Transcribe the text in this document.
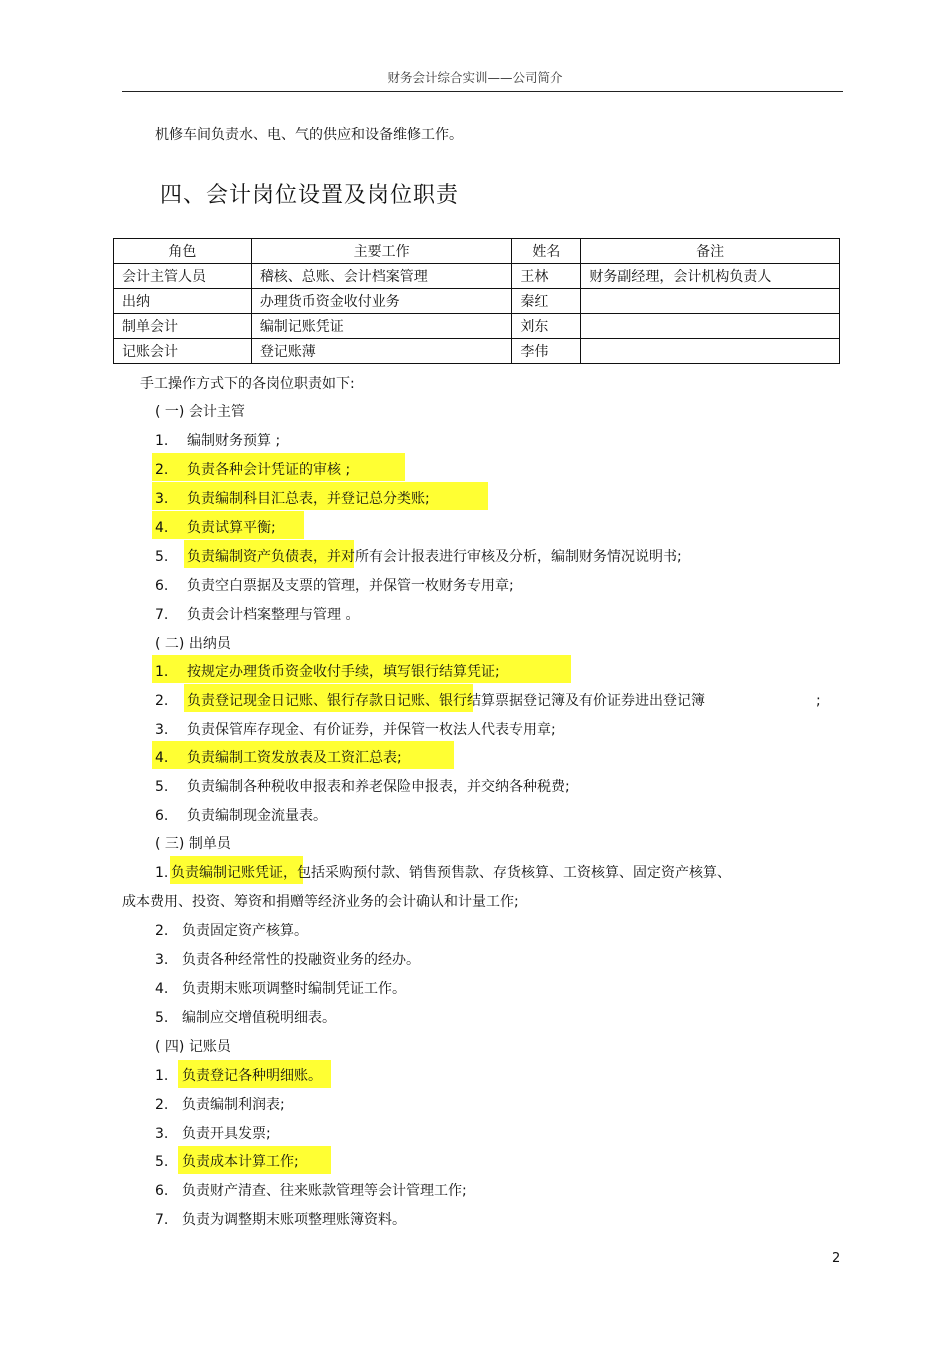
财务会计综合实训——公司简介
机修车间负责水、电、气的供应和设备维修工作。
四、会计岗位设置及岗位职责
角色	主要工作	姓名	备注
会计主管人员	稽核、总账、会计档案管理	王林	财务副经理，会计机构负责人
出纳	办理货币资金收付业务	秦红	
制单会计	编制记账凭证	刘东	
记账会计	登记账薄	李伟	
手工操作方式下的各岗位职责如下:
( 一) 会计主管
1. 编制财务预算 ;
2. 负责各种会计凭证的审核 ;
3. 负责编制科目汇总表，并登记总分类账;
4. 负责试算平衡;
5. 负责编制资产负债表，并对所有会计报表进行审核及分析，编制财务情况说明书;
6. 负责空白票据及支票的管理，并保管一枚财务专用章;
7. 负责会计档案整理与管理 。
( 二) 出纳员
1. 按规定办理货币资金收付手续，填写银行结算凭证;
2. 负责登记现金日记账、银行存款日记账、银行结算票据登记簿及有价证券进出登记簿	;
3. 负责保管库存现金、有价证券，并保管一枚法人代表专用章;
4. 负责编制工资发放表及工资汇总表;
5. 负责编制各种税收申报表和养老保险申报表，并交纳各种税费;
6. 负责编制现金流量表。
( 三) 制单员
1. 负责编制记账凭证，包括采购预付款、销售预售款、存货核算、工资核算、固定资产核算、
成本费用、投资、筹资和捐赠等经济业务的会计确认和计量工作;
2. 负责固定资产核算。
3. 负责各种经常性的投融资业务的经办。
4. 负责期末账项调整时编制凭证工作。
5. 编制应交增值税明细表。
( 四) 记账员
1. 负责登记各种明细账。
2. 负责编制利润表;
3. 负责开具发票;
5. 负责成本计算工作;
6. 负责财产清查、往来账款管理等会计管理工作;
7. 负责为调整期末账项整理账簿资料。
2
